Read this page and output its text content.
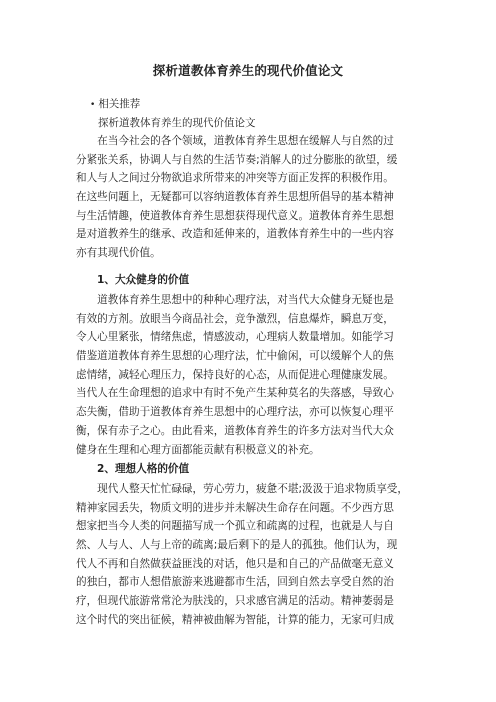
探析道教体育养生的现代价值论文
• 相关推荐
探析道教体育养生的现代价值论文
　　在当今社会的各个领域，道教体育养生思想在缓解人与自然的过
分紧张关系，协调人与自然的生活节奏;消解人的过分膨胀的欲望，缓
和人与人之间过分物欲追求所带来的冲突等方面正发挥的积极作用。
在这些问题上，无疑都可以容纳道教体育养生思想所倡导的基本精神
与生活情趣，使道教体育养生思想获得现代意义。道教体育养生思想
是对道教养生的继承、改造和延伸来的，道教体育养生中的一些内容
亦有其现代价值。
1、大众健身的价值
　　道教体育养生思想中的种种心理疗法，对当代大众健身无疑也是
有效的方剂。放眼当今商品社会，竞争激烈，信息爆炸，瞬息万变，
令人心里紧张，情绪焦虑，情感波动，心理病人数量增加。如能学习
借鉴道道教体育养生思想的心理疗法，忙中偷闲，可以缓解个人的焦
虑情绪，减轻心理压力，保持良好的心态，从而促进心理健康发展。
当代人在生命理想的追求中有时不免产生某种莫名的失落感，导致心
态失衡，借助于道教体育养生思想中的心理疗法，亦可以恢复心理平
衡，保有赤子之心。由此看来，道教体育养生的许多方法对当代大众
健身在生理和心理方面都能贡献有积极意义的补充。
2、理想人格的价值
　　现代人整天忙忙碌碌，劳心劳力，疲惫不堪;汲汲于追求物质享受，
精神家园丢失，物质文明的进步并未解决生命存在问题。不少西方思
想家把当今人类的问题描写成一个孤立和疏离的过程，也就是人与自
然、人与人、人与上帝的疏离;最后剩下的是人的孤独。他们认为，现
代人不再和自然做获益匪浅的对话，他只是和自己的产品做毫无意义
的独白，都市人想借旅游来逃避都市生活，回到自然去享受自然的治
疗，但现代旅游常常沦为肤浅的，只求感官满足的活动。精神萎弱是
这个时代的突出征候，精神被曲解为智能，计算的能力，无家可归成
